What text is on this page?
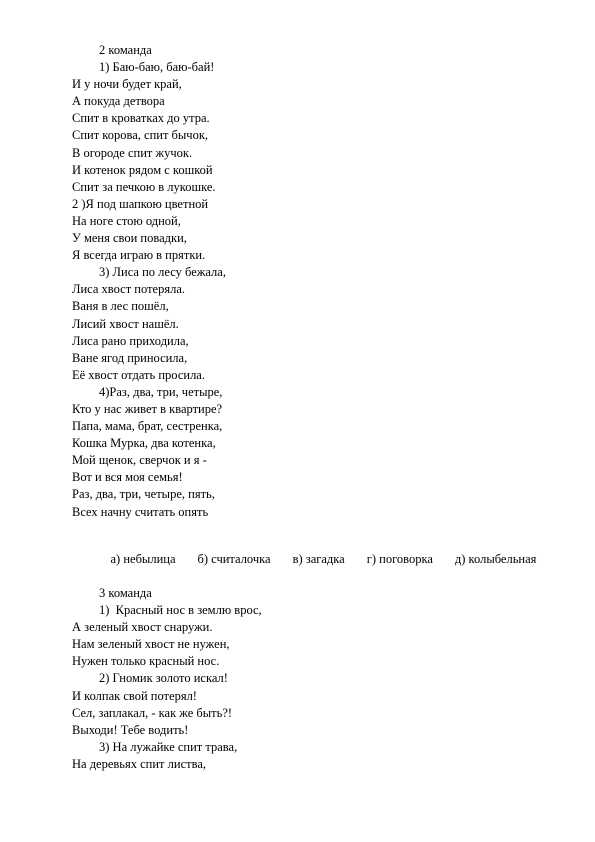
2 команда
1) Баю-баю, баю-бай!
И у ночи будет край,
А покуда детвора
Спит в кроватках до утра.
Спит корова, спит бычок,
В огороде спит жучок.
И котенок рядом с кошкой
Спит за печкою в лукошке.
2 )Я под шапкою цветной
На ноге стою одной,
У меня свои повадки,
Я всегда играю в прятки.
3) Лиса по лесу бежала,
Лиса хвост потеряла.
Ваня в лес пошёл,
Лисий хвост нашёл.
Лиса рано приходила,
Ване ягод приносила,
Её хвост отдать просила.
4)Раз, два, три, четыре,
Кто у нас живет в квартире?
Папа, мама, брат, сестренка,
Кошка Мурка, два котенка,
Мой щенок, сверчок и я -
Вот и вся моя семья!
Раз, два, три, четыре, пять,
Всех начну считать опять

а) небылица б) считалочка в) загадка г) поговорка д) колыбельная

3 команда
1)  Красный нос в землю врос,
А зеленый хвост снаружи.
Нам зеленый хвост не нужен,
Нужен только красный нос.
2) Гномик золото искал!
И колпак свой потерял!
Сел, заплакал, - как же быть?!
Выходи! Тебе водить!
3) На лужайке спит трава,
На деревьях спит листва,
